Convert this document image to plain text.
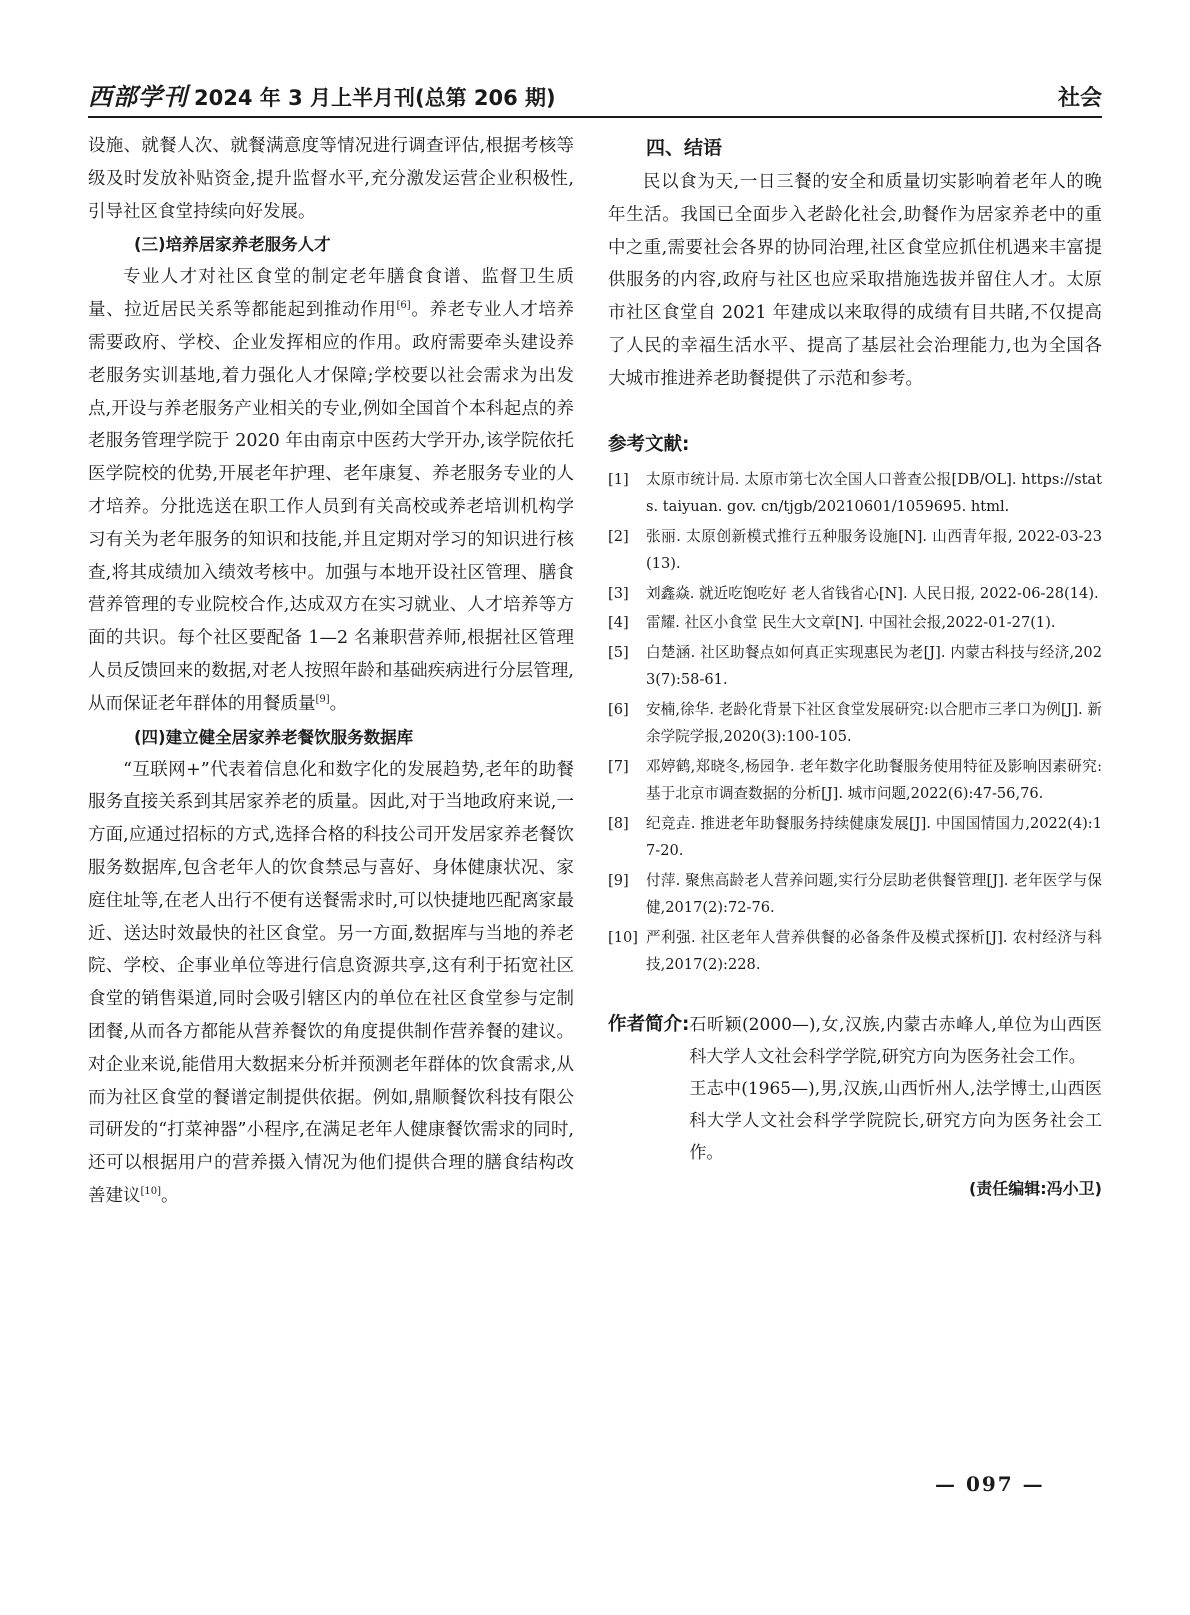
西部学刊 2024 年 3 月上半月刊(总第 206 期)	社会

设施、就餐人次、就餐满意度等情况进行调查评估,根据考核等级及时发放补贴资金,提升监督水平,充分激发运营企业积极性,引导社区食堂持续向好发展。

(三)培养居家养老服务人才

专业人才对社区食堂的制定老年膳食食谱、监督卫生质量、拉近居民关系等都能起到推动作用[6]。养老专业人才培养需要政府、学校、企业发挥相应的作用。政府需要牵头建设养老服务实训基地,着力强化人才保障;学校要以社会需求为出发点,开设与养老服务产业相关的专业,例如全国首个本科起点的养老服务管理学院于 2020 年由南京中医药大学开办,该学院依托医学院校的优势,开展老年护理、老年康复、养老服务专业的人才培养。分批选送在职工作人员到有关高校或养老培训机构学习有关为老年服务的知识和技能,并且定期对学习的知识进行核查,将其成绩加入绩效考核中。加强与本地开设社区管理、膳食营养管理的专业院校合作,达成双方在实习就业、人才培养等方面的共识。每个社区要配备 1—2 名兼职营养师,根据社区管理人员反馈回来的数据,对老人按照年龄和基础疾病进行分层管理,从而保证老年群体的用餐质量[9]。

(四)建立健全居家养老餐饮服务数据库

“互联网+”代表着信息化和数字化的发展趋势,老年的助餐服务直接关系到其居家养老的质量。因此,对于当地政府来说,一方面,应通过招标的方式,选择合格的科技公司开发居家养老餐饮服务数据库,包含老年人的饮食禁忌与喜好、身体健康状况、家庭住址等,在老人出行不便有送餐需求时,可以快捷地匹配离家最近、送达时效最快的社区食堂。另一方面,数据库与当地的养老院、学校、企事业单位等进行信息资源共享,这有利于拓宽社区食堂的销售渠道,同时会吸引辖区内的单位在社区食堂参与定制团餐,从而各方都能从营养餐饮的角度提供制作营养餐的建议。对企业来说,能借用大数据来分析并预测老年群体的饮食需求,从而为社区食堂的餐谱定制提供依据。例如,鼎顺餐饮科技有限公司研发的“打菜神器”小程序,在满足老年人健康餐饮需求的同时,还可以根据用户的营养摄入情况为他们提供合理的膳食结构改善建议[10]。

四、结语

民以食为天,一日三餐的安全和质量切实影响着老年人的晚年生活。我国已全面步入老龄化社会,助餐作为居家养老中的重中之重,需要社会各界的协同治理,社区食堂应抓住机遇来丰富提供服务的内容,政府与社区也应采取措施选拔并留住人才。太原市社区食堂自 2021 年建成以来取得的成绩有目共睹,不仅提高了人民的幸福生活水平、提高了基层社会治理能力,也为全国各大城市推进养老助餐提供了示范和参考。

参考文献:
[1]	太原市统计局. 太原市第七次全国人口普查公报[DB/OL]. https://stats. taiyuan. gov. cn/tjgb/20210601/1059695. html.
[2]	张丽. 太原创新模式推行五种服务设施[N]. 山西青年报, 2022-03-23(13).
[3]	刘鑫焱. 就近吃饱吃好 老人省钱省心[N]. 人民日报, 2022-06-28(14).
[4]	雷耀. 社区小食堂 民生大文章[N]. 中国社会报,2022-01-27(1).
[5]	白楚涵. 社区助餐点如何真正实现惠民为老[J]. 内蒙古科技与经济,2023(7):58-61.
[6]	安楠,徐华. 老龄化背景下社区食堂发展研究:以合肥市三孝口为例[J]. 新余学院学报,2020(3):100-105.
[7]	邓婷鹤,郑晓冬,杨园争. 老年数字化助餐服务使用特征及影响因素研究:基于北京市调查数据的分析[J]. 城市问题,2022(6):47-56,76.
[8]	纪竞垚. 推进老年助餐服务持续健康发展[J]. 中国国情国力,2022(4):17-20.
[9]	付萍. 聚焦高龄老人营养问题,实行分层助老供餐管理[J]. 老年医学与保健,2017(2):72-76.
[10] 严利强. 社区老年人营养供餐的必备条件及模式探析[J]. 农村经济与科技,2017(2):228.
作者简介: 石昕颖(2000—),女,汉族,内蒙古赤峰人,单位为山西医科大学人文社会科学学院,研究方向为医务社会工作。

王志中(1965—),男,汉族,山西忻州人,法学博士,山西医科大学人文社会科学学院院长,研究方向为医务社会工作。

(责任编辑:冯小卫)
— 097 —
